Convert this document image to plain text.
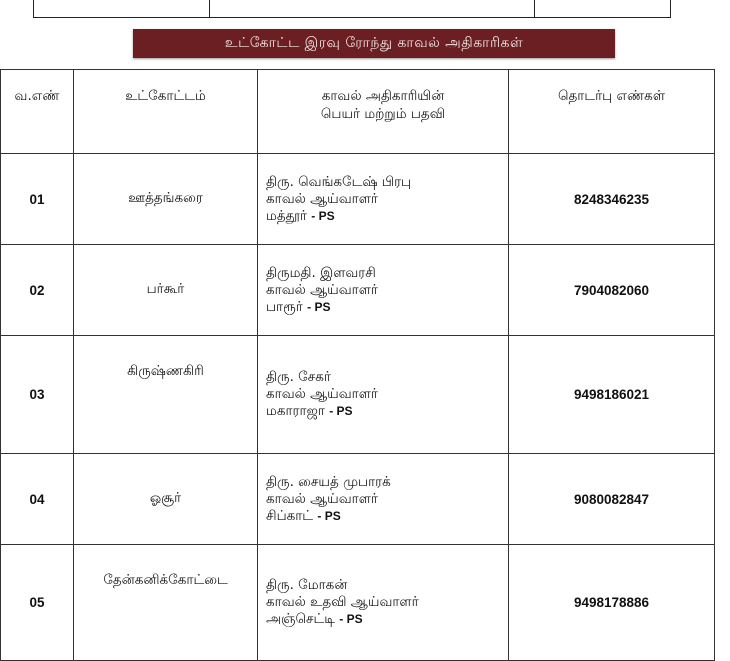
உட்கோட்ட இரவு ரோந்து காவல் அதிகாரிகள்
வ.எண்	உட்கோட்டம்	காவல் அதிகாரியின்
பெயர் மற்றும் பதவி	தொடர்பு எண்கள்
01	ஊத்தங்கரை	திரு. வெங்கடேஷ் பிரபு
காவல் ஆய்வாளர்
மத்தூர் - PS	8248346235
02	பர்கூர்	திருமதி. இளவரசி
காவல் ஆய்வாளர்
பாரூர் - PS	7904082060
03	கிருஷ்ணகிரி	திரு. சேகர்
காவல் ஆய்வாளர்
மகாராஜா - PS	9498186021
04	ஓசூர்	திரு. சையத் முபாரக்
காவல் ஆய்வாளர்
சிப்காட் - PS	9080082847
05	தேன்கனிக்கோட்டை	திரு. மோகன்
காவல் உதவி ஆய்வாளர்
அஞ்செட்டி - PS	9498178886
